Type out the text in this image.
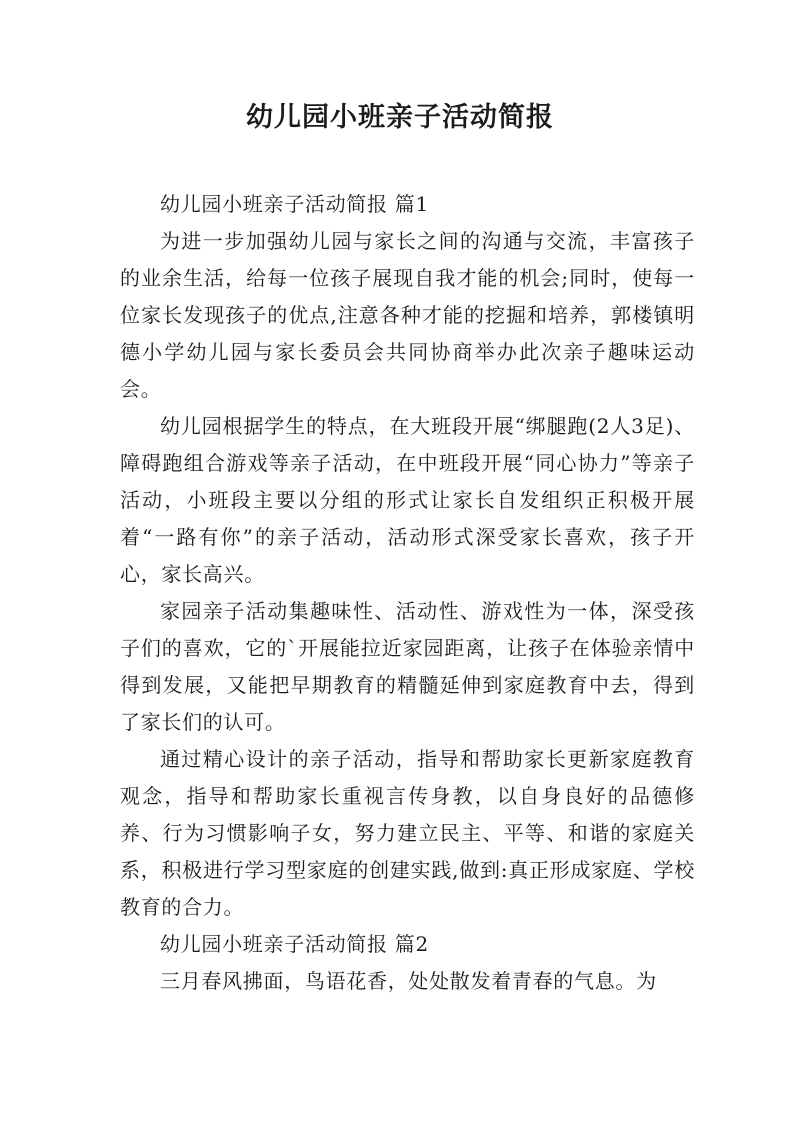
幼儿园小班亲子活动简报

幼儿园小班亲子活动简报 篇1

为进一步加强幼儿园与家长之间的沟通与交流，丰富孩子的业余生活，给每一位孩子展现自我才能的机会;同时，使每一位家长发现孩子的优点,注意各种才能的挖掘和培养，郭楼镇明德小学幼儿园与家长委员会共同协商举办此次亲子趣味运动会。

幼儿园根据学生的特点，在大班段开展“绑腿跑(2人3足)、障碍跑组合游戏等亲子活动，在中班段开展“同心协力”等亲子活动，小班段主要以分组的形式让家长自发组织正积极开展着“一路有你”的亲子活动，活动形式深受家长喜欢，孩子开心，家长高兴。

家园亲子活动集趣味性、活动性、游戏性为一体，深受孩子们的喜欢，它的`开展能拉近家园距离，让孩子在体验亲情中得到发展，又能把早期教育的精髓延伸到家庭教育中去，得到了家长们的认可。

通过精心设计的亲子活动，指导和帮助家长更新家庭教育观念，指导和帮助家长重视言传身教，以自身良好的品德修养、行为习惯影响子女，努力建立民主、平等、和谐的家庭关系，积极进行学习型家庭的创建实践,做到:真正形成家庭、学校教育的合力。

幼儿园小班亲子活动简报 篇2

三月春风拂面，鸟语花香，处处散发着青春的气息。为
